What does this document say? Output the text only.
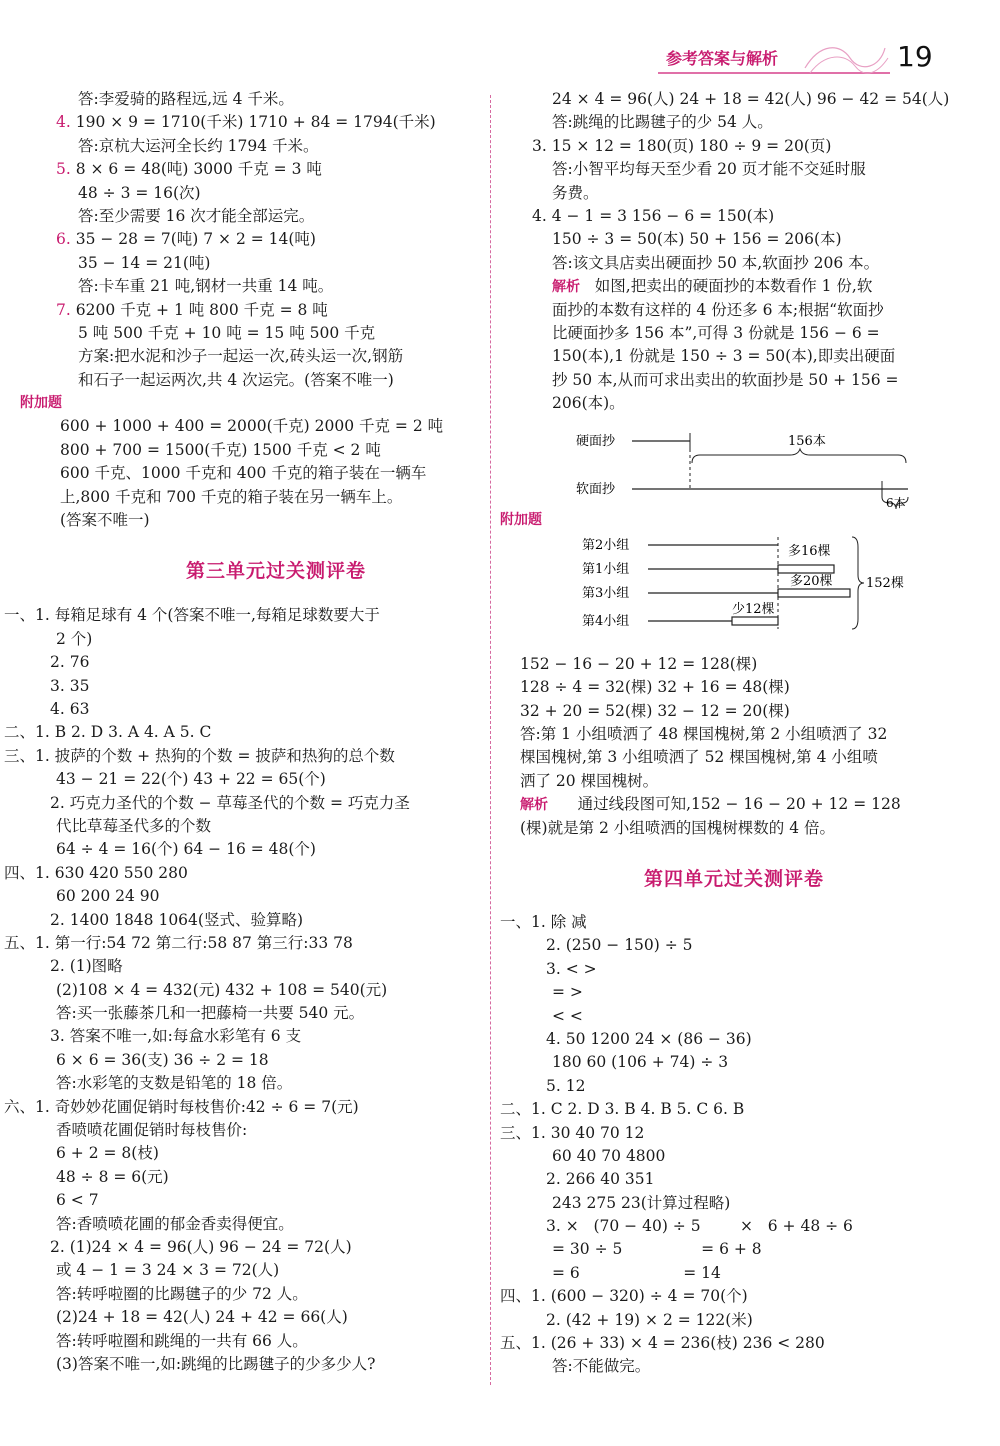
参考答案与解析	19
答:李爱骑的路程远,远 4 千米。
4. 190 × 9 = 1710(千米) 1710 + 84 = 1794(千米)
答:京杭大运河全长约 1794 千米。
5. 8 × 6 = 48(吨) 3000 千克 = 3 吨
48 ÷ 3 = 16(次)
答:至少需要 16 次才能全部运完。
6. 35 − 28 = 7(吨) 7 × 2 = 14(吨)
35 − 14 = 21(吨)
答:卡车重 21 吨,钢材一共重 14 吨。
7. 6200 千克 + 1 吨 800 千克 = 8 吨
5 吨 500 千克 + 10 吨 = 15 吨 500 千克
方案:把水泥和沙子一起运一次,砖头运一次,钢筋
和石子一起运两次,共 4 次运完。(答案不唯一)
附加题
600 + 1000 + 400 = 2000(千克) 2000 千克 = 2 吨
800 + 700 = 1500(千克) 1500 千克 < 2 吨
600 千克、1000 千克和 400 千克的箱子装在一辆车
上,800 千克和 700 千克的箱子装在另一辆车上。
(答案不唯一)
第三单元过关测评卷
一、1. 每箱足球有 4 个(答案不唯一,每箱足球数要大于
2 个)
2. 76
3. 35
4. 63
二、1. B 2. D 3. A 4. A 5. C
三、1. 披萨的个数 + 热狗的个数 = 披萨和热狗的总个数
43 − 21 = 22(个) 43 + 22 = 65(个)
2. 巧克力圣代的个数 − 草莓圣代的个数 = 巧克力圣
代比草莓圣代多的个数
64 ÷ 4 = 16(个) 64 − 16 = 48(个)
四、1. 630 420 550 280
60 200 24 90
2. 1400 1848 1064(竖式、验算略)
五、1. 第一行:54 72 第二行:58 87 第三行:33 78
2. (1)图略
(2)108 × 4 = 432(元) 432 + 108 = 540(元)
答:买一张藤茶几和一把藤椅一共要 540 元。
3. 答案不唯一,如:每盒水彩笔有 6 支
6 × 6 = 36(支) 36 ÷ 2 = 18
答:水彩笔的支数是铅笔的 18 倍。
六、1. 奇妙妙花圃促销时每枝售价:42 ÷ 6 = 7(元)
香喷喷花圃促销时每枝售价:
6 + 2 = 8(枝)
48 ÷ 8 = 6(元)
6 < 7
答:香喷喷花圃的郁金香卖得便宜。
2. (1)24 × 4 = 96(人) 96 − 24 = 72(人)
或 4 − 1 = 3 24 × 3 = 72(人)
答:转呼啦圈的比踢毽子的少 72 人。
(2)24 + 18 = 42(人) 24 + 42 = 66(人)
答:转呼啦圈和跳绳的一共有 66 人。
(3)答案不唯一,如:跳绳的比踢毽子的少多少人?
24 × 4 = 96(人) 24 + 18 = 42(人) 96 − 42 = 54(人)
答:跳绳的比踢毽子的少 54 人。
3. 15 × 12 = 180(页) 180 ÷ 9 = 20(页)
答:小智平均每天至少看 20 页才能不交延时服
务费。
4. 4 − 1 = 3 156 − 6 = 150(本)
150 ÷ 3 = 50(本) 50 + 156 = 206(本)
答:该文具店卖出硬面抄 50 本,软面抄 206 本。
解析 如图,把卖出的硬面抄的本数看作 1 份,软
面抄的本数有这样的 4 份还多 6 本;根据“软面抄
比硬面抄多 156 本”,可得 3 份就是 156 − 6 =
150(本),1 份就是 150 ÷ 3 = 50(本),即卖出硬面
抄 50 本,从而可求出卖出的软面抄是 50 + 156 =
206(本)。
硬面抄	156本
软面抄
6本
附加题
第2小组
第1小组
第3小组
第4小组
多16棵
多20棵
少12棵
152棵
152 − 16 − 20 + 12 = 128(棵)
128 ÷ 4 = 32(棵) 32 + 16 = 48(棵)
32 + 20 = 52(棵) 32 − 12 = 20(棵)
答:第 1 小组喷洒了 48 棵国槐树,第 2 小组喷洒了 32
棵国槐树,第 3 小组喷洒了 52 棵国槐树,第 4 小组喷
洒了 20 棵国槐树。
解析 通过线段图可知,152 − 16 − 20 + 12 = 128
(棵)就是第 2 小组喷洒的国槐树棵数的 4 倍。
第四单元过关测评卷
一、1. 除 减
2. (250 − 150) ÷ 5
3. < >
= >
< <
4. 50 1200 24 × (86 − 36)
180 60 (106 + 74) ÷ 3
5. 12
二、1. C 2. D 3. B 4. B 5. C 6. B
三、1. 30 40 70 12
60 40 70 4800
2. 266 40 351
243 275 23(计算过程略)
3. ×   (70 − 40) ÷ 5        ×   6 + 48 ÷ 6
= 30 ÷ 5                = 6 + 8
= 6                     = 14
四、1. (600 − 320) ÷ 4 = 70(个)
2. (42 + 19) × 2 = 122(米)
五、1. (26 + 33) × 4 = 236(枝) 236 < 280
答:不能做完。
